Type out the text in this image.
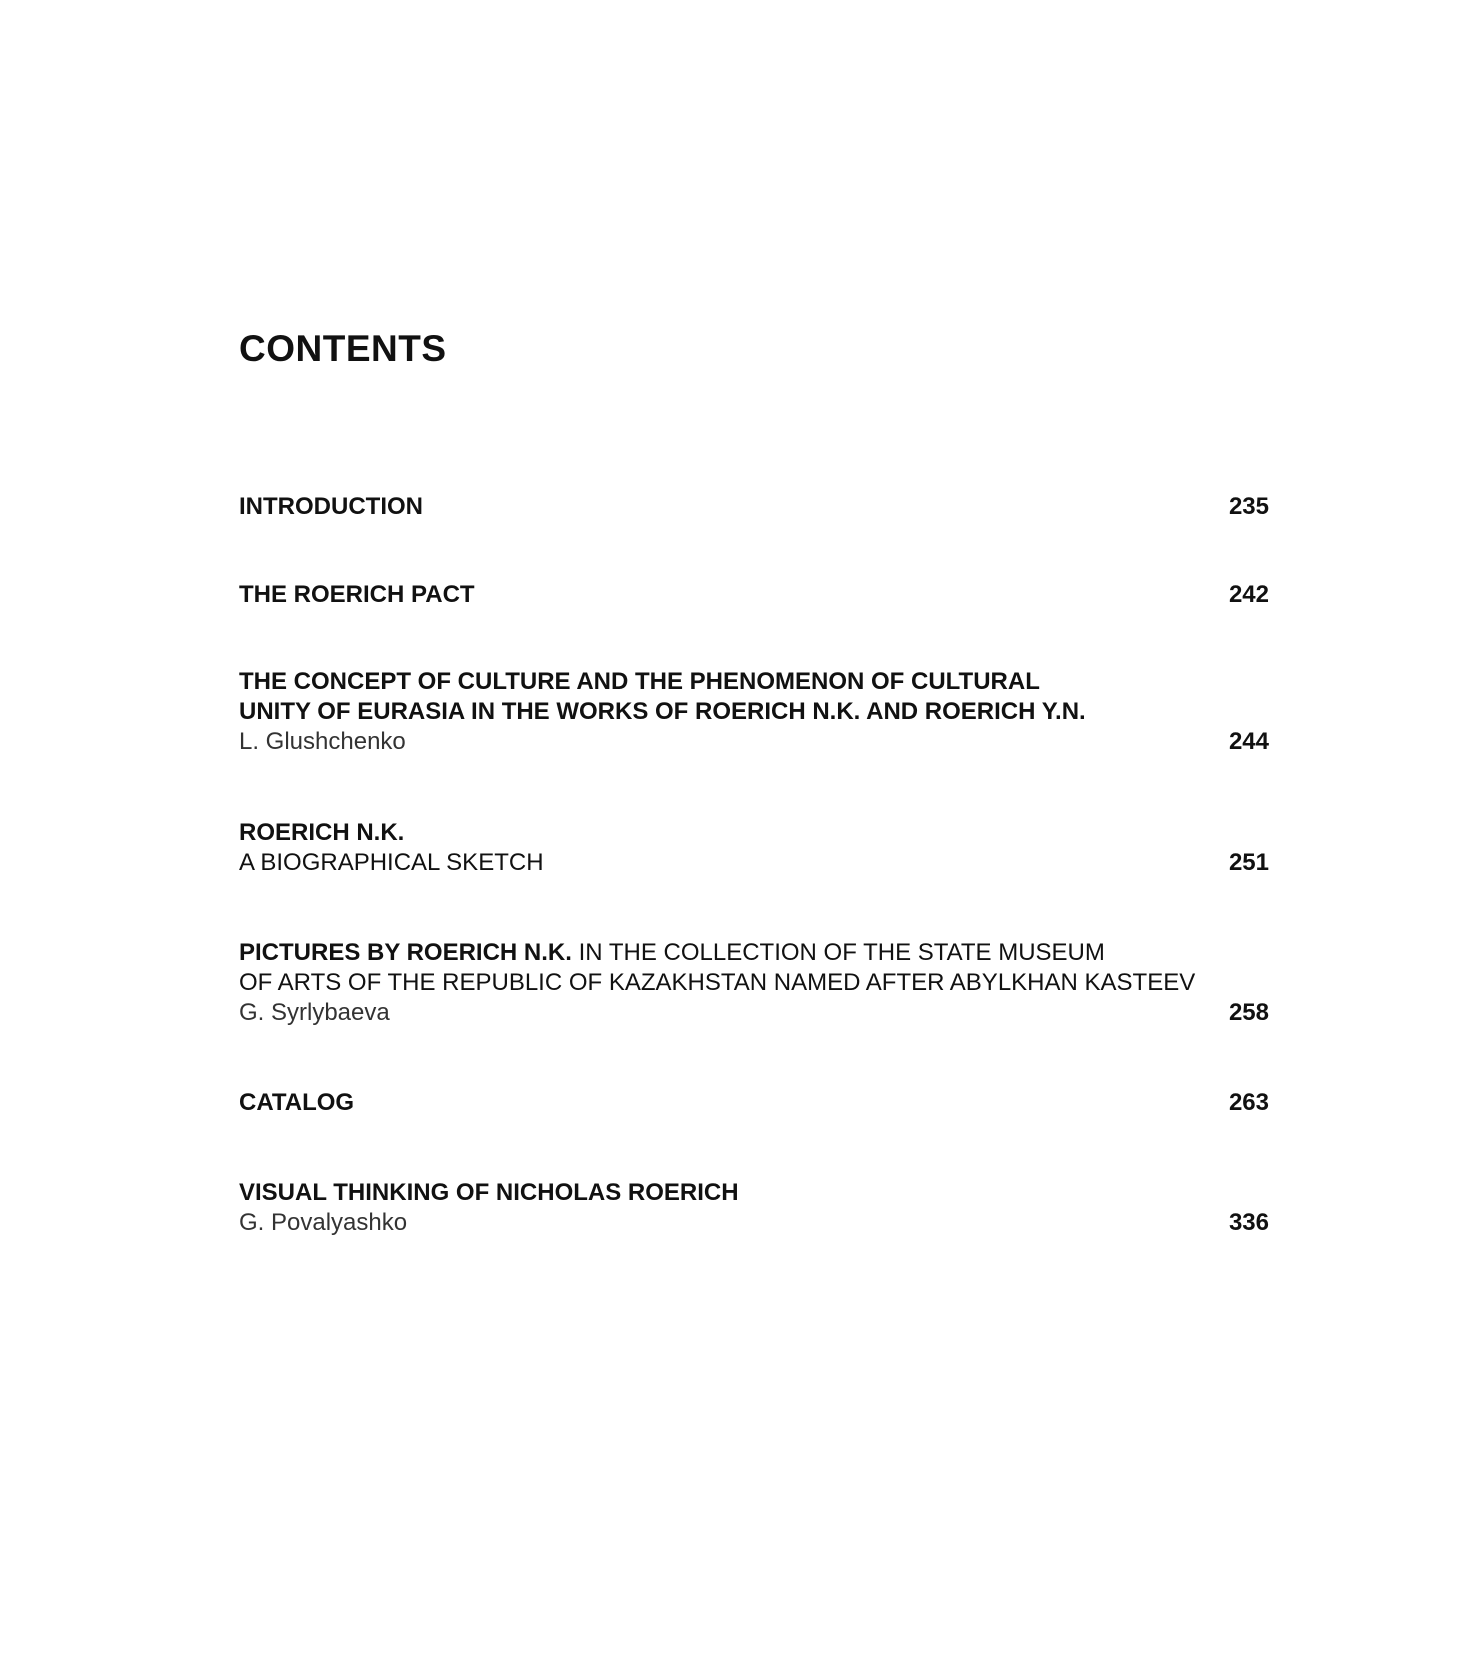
CONTENTS
INTRODUCTION	235
THE ROERICH PACT	242
THE CONCEPT OF CULTURE AND THE PHENOMENON OF CULTURAL
UNITY OF EURASIA IN THE WORKS OF ROERICH N.K. AND ROERICH Y.N.
L. Glushchenko	244
ROERICH N.K.
A BIOGRAPHICAL SKETCH	251
PICTURES BY ROERICH N.K. IN THE COLLECTION OF THE STATE MUSEUM
OF ARTS OF THE REPUBLIC OF KAZAKHSTAN NAMED AFTER ABYLKHAN KASTEEV
G. Syrlybaeva	258
CATALOG	263
VISUAL THINKING OF NICHOLAS ROERICH
G. Povalyashko	336
